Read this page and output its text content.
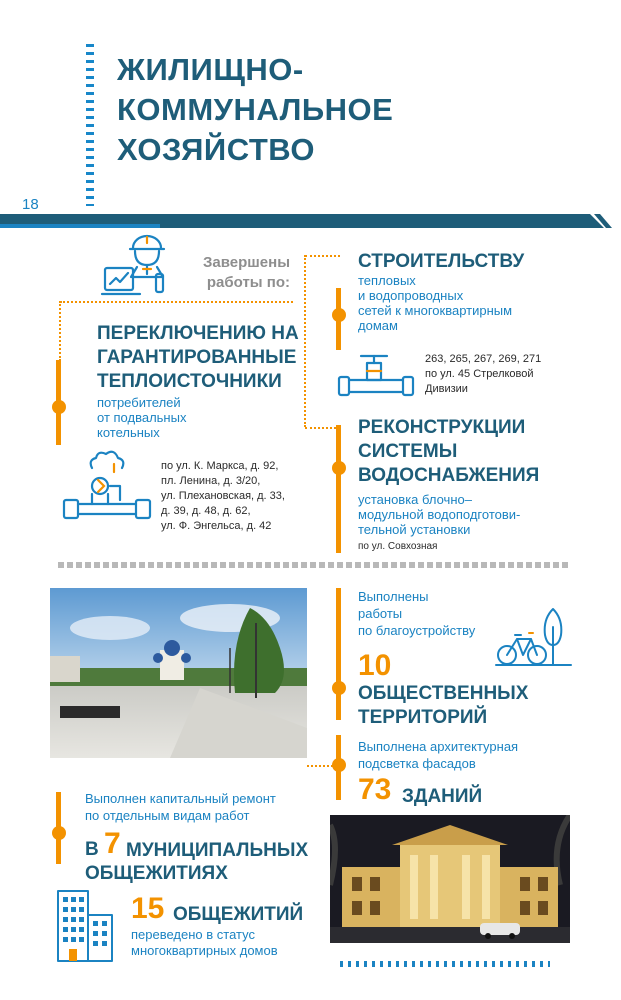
ЖИЛИЩНО-
КОММУНАЛЬНОЕ
ХОЗЯЙСТВО
18
Завершены
работы по:
ПЕРЕКЛЮЧЕНИЮ НА
ГАРАНТИРОВАННЫЕ
ТЕПЛОИСТОЧНИКИ
потребителей
от подвальных
котельных
по ул. К. Маркса, д. 92,
пл. Ленина, д. 3/20,
ул. Плехановская, д. 33,
д. 39, д. 48, д. 62,
ул. Ф. Энгельса, д. 42
СТРОИТЕЛЬСТВУ
тепловых
и водопроводных
сетей к многоквартирным
домам
263, 265, 267, 269, 271
по ул. 45 Стрелковой
Дивизии
РЕКОНСТРУКЦИИ
СИСТЕМЫ
ВОДОСНАБЖЕНИЯ
установка блочно–
модульной водоподготови-
тельной установки
по ул. Совхозная
Выполнены
работы
по благоустройству
10
ОБЩЕСТВЕННЫХ
ТЕРРИТОРИЙ
Выполнена архитектурная
подсветка фасадов
73 ЗДАНИЙ
Выполнен капитальный ремонт
по отдельным видам работ
В 7 МУНИЦИПАЛЬНЫХ
ОБЩЕЖИТИЯХ
15 ОБЩЕЖИТИЙ
переведено в статус
многоквартирных домов
